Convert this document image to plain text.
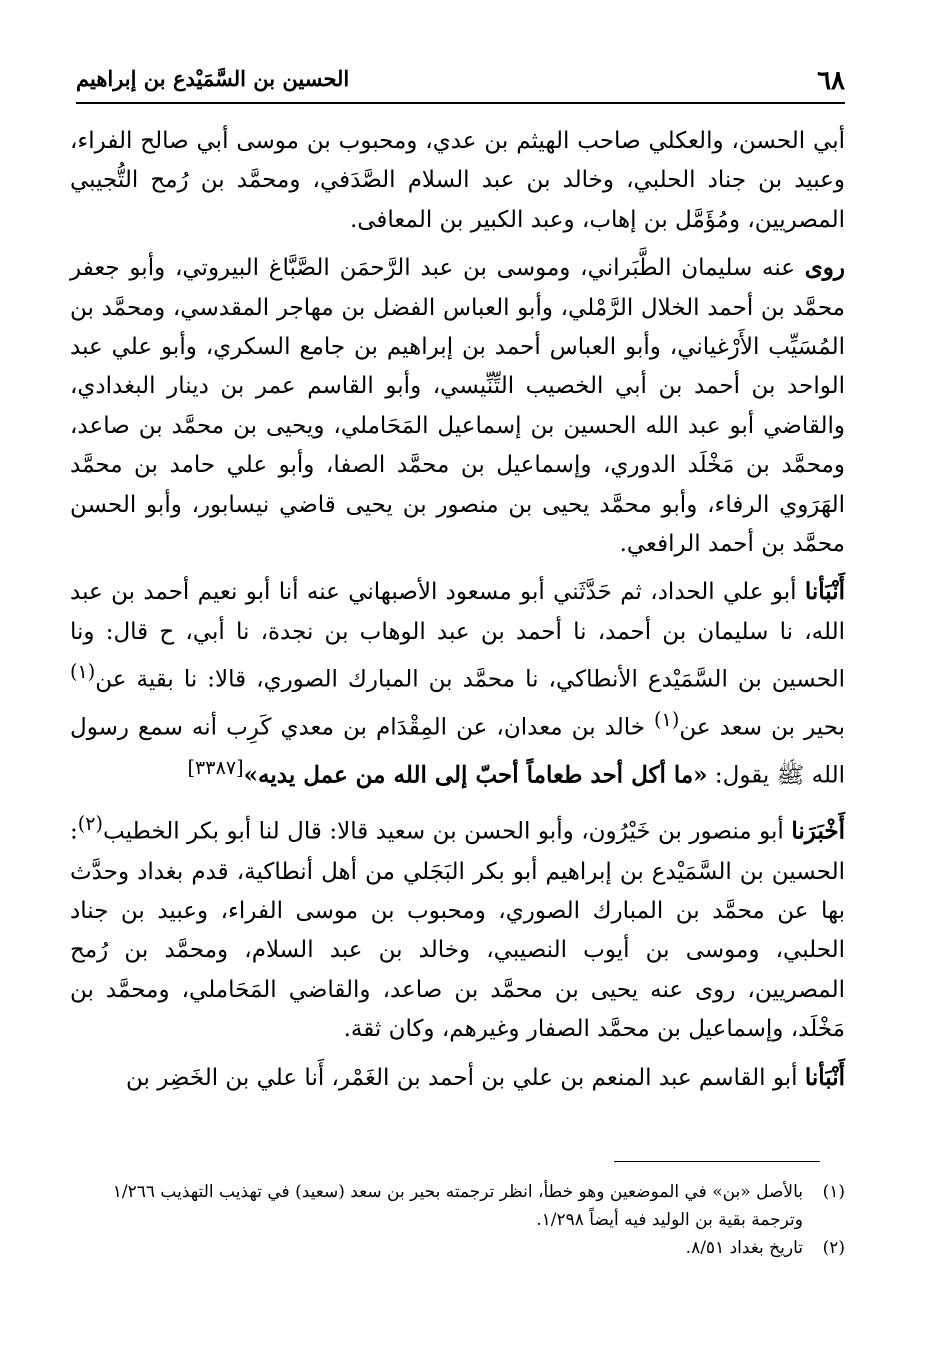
٦٨
الحسين بن السَّمَيْدع بن إبراهيم

أبي الحسن، والعكلي صاحب الهيثم بن عدي، ومحبوب بن موسى أبي صالح الفراء، وعبيد بن جناد الحلبي، وخالد بن عبد السلام الصَّدَفي، ومحمَّد بن رُمح التُّجيبي المصريين، ومُؤَمَّل بن إهاب، وعبد الكبير بن المعافى.

روى عنه سليمان الطَّبَراني، وموسى بن عبد الرَّحمَن الصَّبَّاغ البيروتي، وأبو جعفر محمَّد بن أحمد الخلال الرَّمْلي، وأبو العباس الفضل بن مهاجر المقدسي، ومحمَّد بن المُسَيِّب الأَرْغياني، وأبو العباس أحمد بن إبراهيم بن جامع السكري، وأبو علي عبد الواحد بن أحمد بن أبي الخصيب التِّنِّيسي، وأبو القاسم عمر بن دينار البغدادي، والقاضي أبو عبد الله الحسين بن إسماعيل المَحَاملي، ويحيى بن محمَّد بن صاعد، ومحمَّد بن مَخْلَد الدوري، وإسماعيل بن محمَّد الصفا، وأبو علي حامد بن محمَّد الهَرَوي الرفاء، وأبو محمَّد يحيى بن منصور بن يحيى قاضي نيسابور، وأبو الحسن محمَّد بن أحمد الرافعي.

أَنْبَأنا أبو علي الحداد، ثم حَدَّثَني أبو مسعود الأصبهاني عنه أنا أبو نعيم أحمد بن عبد الله، نا سليمان بن أحمد، نا أحمد بن عبد الوهاب بن نجدة، نا أبي، ح قال: ونا الحسين بن السَّمَيْدع الأنطاكي، نا محمَّد بن المبارك الصوري، قالا: نا بقية عن$^{(١)}$ بحير بن سعد عن$^{(١)}$ خالد بن معدان، عن المِقْدَام بن معدي كَرِب أنه سمع رسول الله ﷺ يقول: «ما أكل أحد طعاماً أحبّ إلى الله من عمل يديه»[٣٣٨٧]

أَخْبَرَنا أبو منصور بن خَيْرُون، وأبو الحسن بن سعيد قالا: قال لنا أبو بكر الخطيب$^{(٢)}$: الحسين بن السَّمَيْدع بن إبراهيم أبو بكر البَجَلي من أهل أنطاكية، قدم بغداد وحدَّث بها عن محمَّد بن المبارك الصوري، ومحبوب بن موسى الفراء، وعبيد بن جناد الحلبي، وموسى بن أيوب النصيبي، وخالد بن عبد السلام، ومحمَّد بن رُمح المصريين، روى عنه يحيى بن محمَّد بن صاعد، والقاضي المَحَاملي، ومحمَّد بن مَخْلَد، وإسماعيل بن محمَّد الصفار وغيرهم، وكان ثقة.

أَنْبَأنا أبو القاسم عبد المنعم بن علي بن أحمد بن الغَمْر، أَنا علي بن الخَضِر بن

(١)
بالأصل «بن» في الموضعين وهو خطأ، انظر ترجمته بحير بن سعد (سعيد) في تهذيب التهذيب ١/٢٦٦ وترجمة بقية بن الوليد فيه أيضاً ١/٢٩٨.
(٢)
تاريخ بغداد ٨/٥١.
